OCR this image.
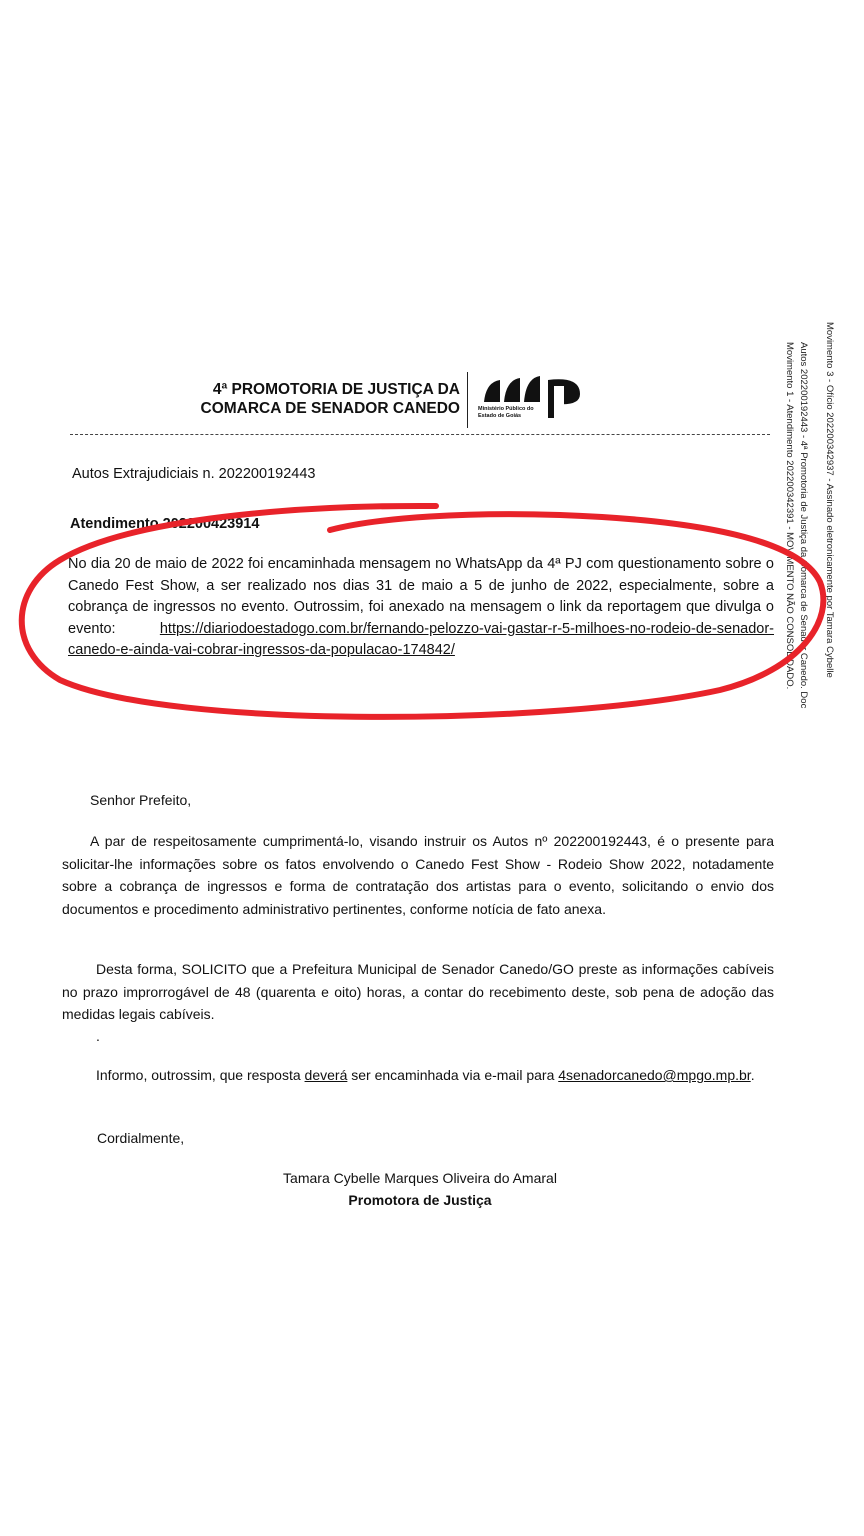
4ª PROMOTORIA DE JUSTIÇA DA
COMARCA DE SENADOR CANEDO	Ministério Público do Estado de Goiás
Autos Extrajudiciais n. 202200192443
Atendimento 202200423914
No dia 20 de maio de 2022 foi encaminhada mensagem no WhatsApp da 4ª PJ com questionamento sobre o Canedo Fest Show, a ser realizado nos dias 31 de maio a 5 de junho de 2022, especialmente, sobre a cobrança de ingressos no evento. Outrossim, foi anexado na mensagem o link da reportagem que divulga o evento: https://diariodoestadogo.com.br/fernando-pelozzo-vai-gastar-r-5-milhoes-no-rodeio-de-senador-canedo-e-ainda-vai-cobrar-ingressos-da-populacao-174842/
Senhor Prefeito,
A par de respeitosamente cumprimentá-lo, visando instruir os Autos nº 202200192443, é o presente para solicitar-lhe informações sobre os fatos envolvendo o Canedo Fest Show - Rodeio Show 2022, notadamente sobre a cobrança de ingressos e forma de contratação dos artistas para o evento, solicitando o envio dos documentos e procedimento administrativo pertinentes, conforme notícia de fato anexa.
Desta forma, SOLICITO que a Prefeitura Municipal de Senador Canedo/GO preste as informações cabíveis no prazo improrrogável de 48 (quarenta e oito) horas, a contar do recebimento deste, sob pena de adoção das medidas legais cabíveis.
.
Informo, outrossim, que resposta deverá ser encaminhada via e-mail para 4senadorcanedo@mpgo.mp.br.
Cordialmente,
Tamara Cybelle Marques Oliveira do Amaral
Promotora de Justiça
Movimento 3 - Ofício 202200342937 - Assinado eletronicamente por Tamara Cybelle
Autos 202200192443 - 4ª Promotoria de Justiça da Comarca de Senador Canedo. Doc
Movimento 1 - Atendimento 202200342391 - MOVIMENTO NÃO CONSOLIDADO.
